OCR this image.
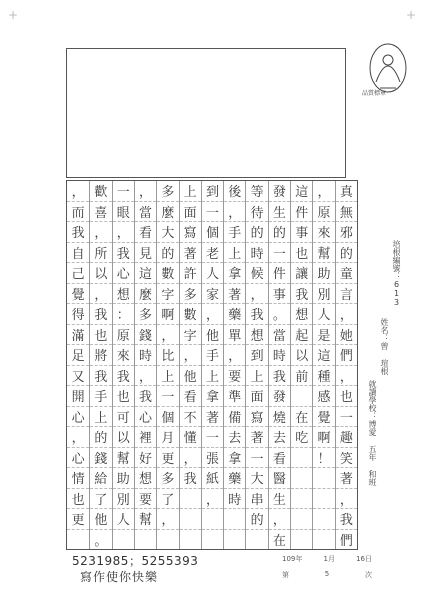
+	+
品質標章
真
無
邪
的
童
言
，
她
們
，
也
一
趣
笑
著
，
我
們
，
原
來
幫
助
別
人
是
這
種
感
覺
啊
！
這
件
事
也
讓
我
想
起
以
前
在
吃
發
生
的
一
件
事
。
當
時
我
發
燒
去
看
醫
生
，
在
等
待
的
時
候
，
我
想
到
上
面
寫
著
一
大
串
的
後
，
手
上
拿
著
藥
單
，
要
準
備
去
拿
藥
時
到
一
個
老
人
家
，
他
手
上
拿
著
一
張
紙
，
上
面
寫
著
許
多
數
字
，
他
看
不
懂
，
我
多
麼
大
的
數
字
啊
，
比
上
一
個
月
更
多
了
，
，
當
看
見
這
麼
多
錢
時
，
我
心
裡
好
想
要
幫
一
眼
，
我
心
想
：
原
來
我
也
可
以
幫
助
別
人
歡
喜
，
所
以
，
我
也
將
我
手
上
的
錢
給
了
他
。
，
而
我
自
己
覺
得
滿
足
又
開
心
，
心
情
也
更
培根編號：613
姓名：曾 瑄根
就讀學校：博愛 五年 和班
5231985；5255393
寫作使你快樂
109年	1月	16日
第	5	次
